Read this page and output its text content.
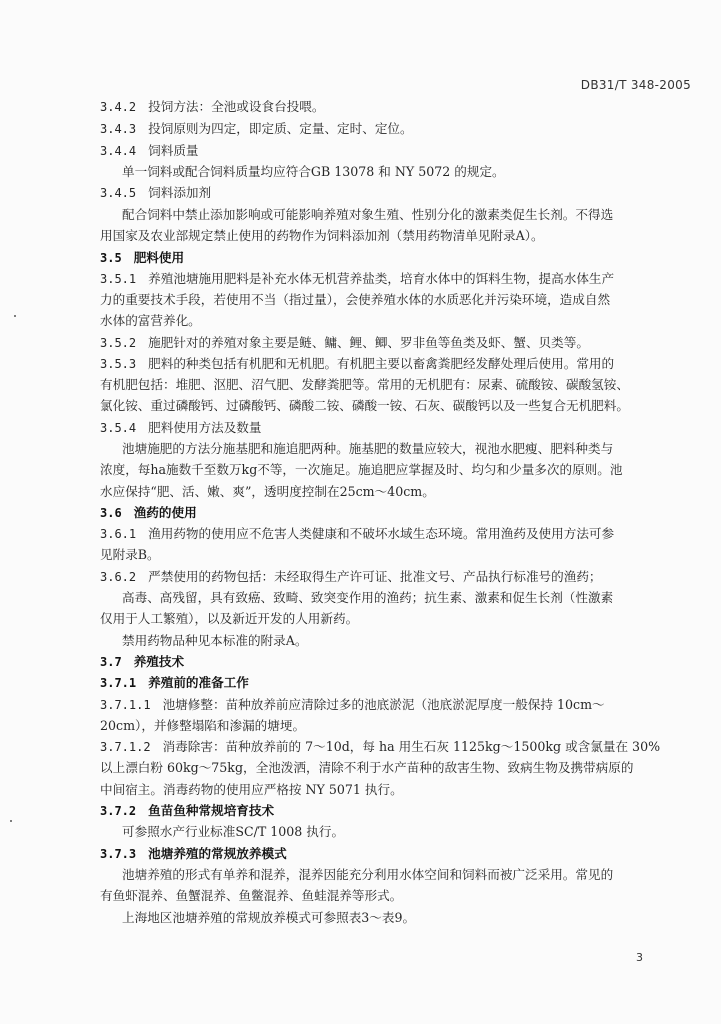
DB31/T 348-2005
3.4.2 投饲方法：全池或设食台投喂。
3.4.3 投饲原则为四定，即定质、定量、定时、定位。
3.4.4 饲料质量
单一饲料或配合饲料质量均应符合GB 13078 和 NY 5072 的规定。
3.4.5 饲料添加剂
配合饲料中禁止添加影响或可能影响养殖对象生殖、性别分化的激素类促生长剂。不得选
用国家及农业部规定禁止使用的药物作为饲料添加剂（禁用药物清单见附录A）。
3.5 肥料使用
3.5.1 养殖池塘施用肥料是补充水体无机营养盐类，培育水体中的饵料生物，提高水体生产
力的重要技术手段，若使用不当（指过量），会使养殖水体的水质恶化并污染环境，造成自然
水体的富营养化。
3.5.2 施肥针对的养殖对象主要是鲢、鳙、鲤、鲫、罗非鱼等鱼类及虾、蟹、贝类等。
3.5.3 肥料的种类包括有机肥和无机肥。有机肥主要以畜禽粪肥经发酵处理后使用。常用的
有机肥包括：堆肥、沤肥、沼气肥、发酵粪肥等。常用的无机肥有：尿素、硫酸铵、碳酸氢铵、
氯化铵、重过磷酸钙、过磷酸钙、磷酸二铵、磷酸一铵、石灰、碳酸钙以及一些复合无机肥料。
3.5.4 肥料使用方法及数量
池塘施肥的方法分施基肥和施追肥两种。施基肥的数量应较大，视池水肥瘦、肥料种类与
浓度，每ha施数千至数万kg不等，一次施足。施追肥应掌握及时、均匀和少量多次的原则。池
水应保持“肥、活、嫩、爽”，透明度控制在25cm～40cm。
3.6 渔药的使用
3.6.1 渔用药物的使用应不危害人类健康和不破坏水域生态环境。常用渔药及使用方法可参
见附录B。
3.6.2 严禁使用的药物包括：未经取得生产许可证、批准文号、产品执行标准号的渔药；
高毒、高残留，具有致癌、致畸、致突变作用的渔药；抗生素、激素和促生长剂（性激素
仅用于人工繁殖），以及新近开发的人用新药。
禁用药物品种见本标准的附录A。
3.7 养殖技术
3.7.1 养殖前的准备工作
3.7.1.1 池塘修整：苗种放养前应清除过多的池底淤泥（池底淤泥厚度一般保持 10cm～
20cm），并修整塌陷和渗漏的塘埂。
3.7.1.2 消毒除害：苗种放养前的 7～10d，每 ha 用生石灰 1125kg～1500kg 或含氯量在 30%
以上漂白粉 60kg～75kg，全池泼洒，清除不利于水产苗种的敌害生物、致病生物及携带病原的
中间宿主。消毒药物的使用应严格按 NY 5071 执行。
3.7.2 鱼苗鱼种常规培育技术
可参照水产行业标准SC/T 1008 执行。
3.7.3 池塘养殖的常规放养模式
池塘养殖的形式有单养和混养，混养因能充分利用水体空间和饲料而被广泛采用。常见的
有鱼虾混养、鱼蟹混养、鱼鳖混养、鱼蛙混养等形式。
上海地区池塘养殖的常规放养模式可参照表3～表9。
3
